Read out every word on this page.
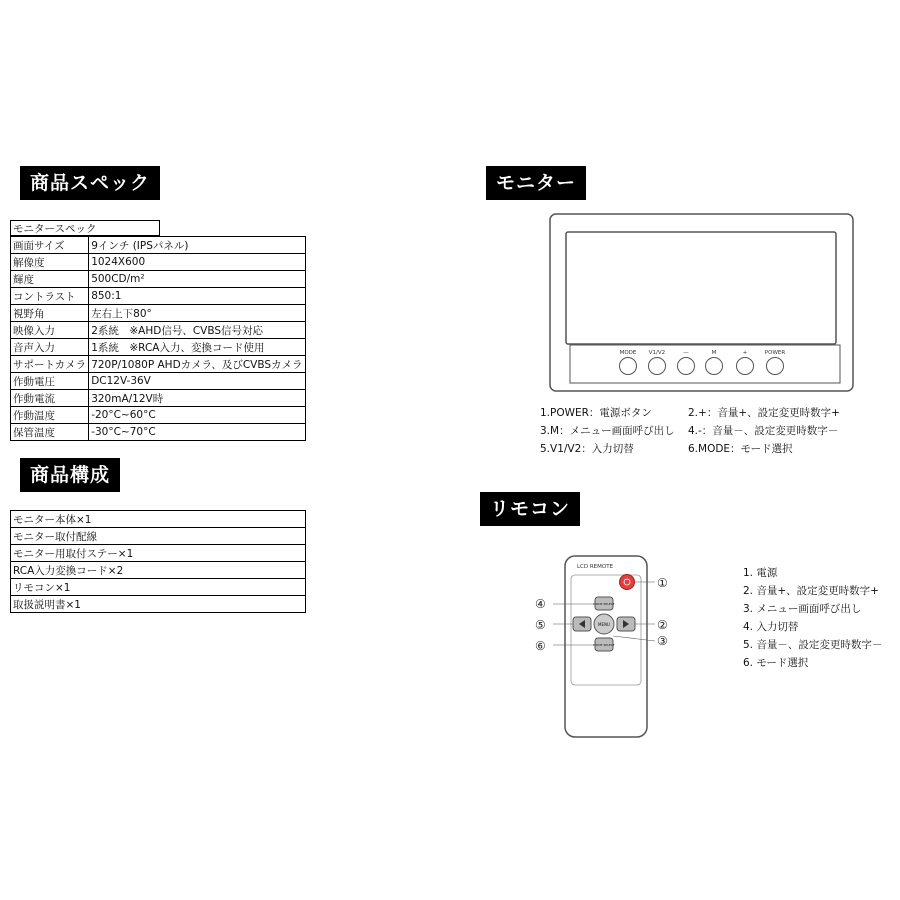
商品スペック
モニタースペック
画面サイズ	9インチ (IPSパネル)
解像度	1024X600
輝度	500CD/m²
コントラスト	850:1
視野角	左右上下80°
映像入力	2系統　※AHD信号、CVBS信号対応
音声入力	1系統　※RCA入力、変換コード使用
サポートカメラ	720P/1080P AHDカメラ、及びCVBSカメラ
作動電圧	DC12V-36V
作動電流	320mA/12V時
作動温度	-20°C~60°C
保管温度	-30°C~70°C
商品構成
モニター本体×1
モニター取付配線
モニター用取付ステー×1
RCA入力変換コード×2
リモコン×1
取扱説明書×1
モニター
MODE V1/V2	—	M	+	POWER
1.POWER：電源ボタン	2.+：音量+、設定変更時数字+
3.M：メニュー画面呼び出し 4.-：音量－、設定変更時数字－
5.V1/V2：入力切替	6.MODE：モード選択
リモコン
LCD REMOTE
MODE SELECT
MENU
MODE SELECT
①
②
③
④
⑤
⑥
1. 電源
2. 音量+、設定変更時数字+
3. メニュー画面呼び出し
4. 入力切替
5. 音量－、設定変更時数字－
6. モード選択
